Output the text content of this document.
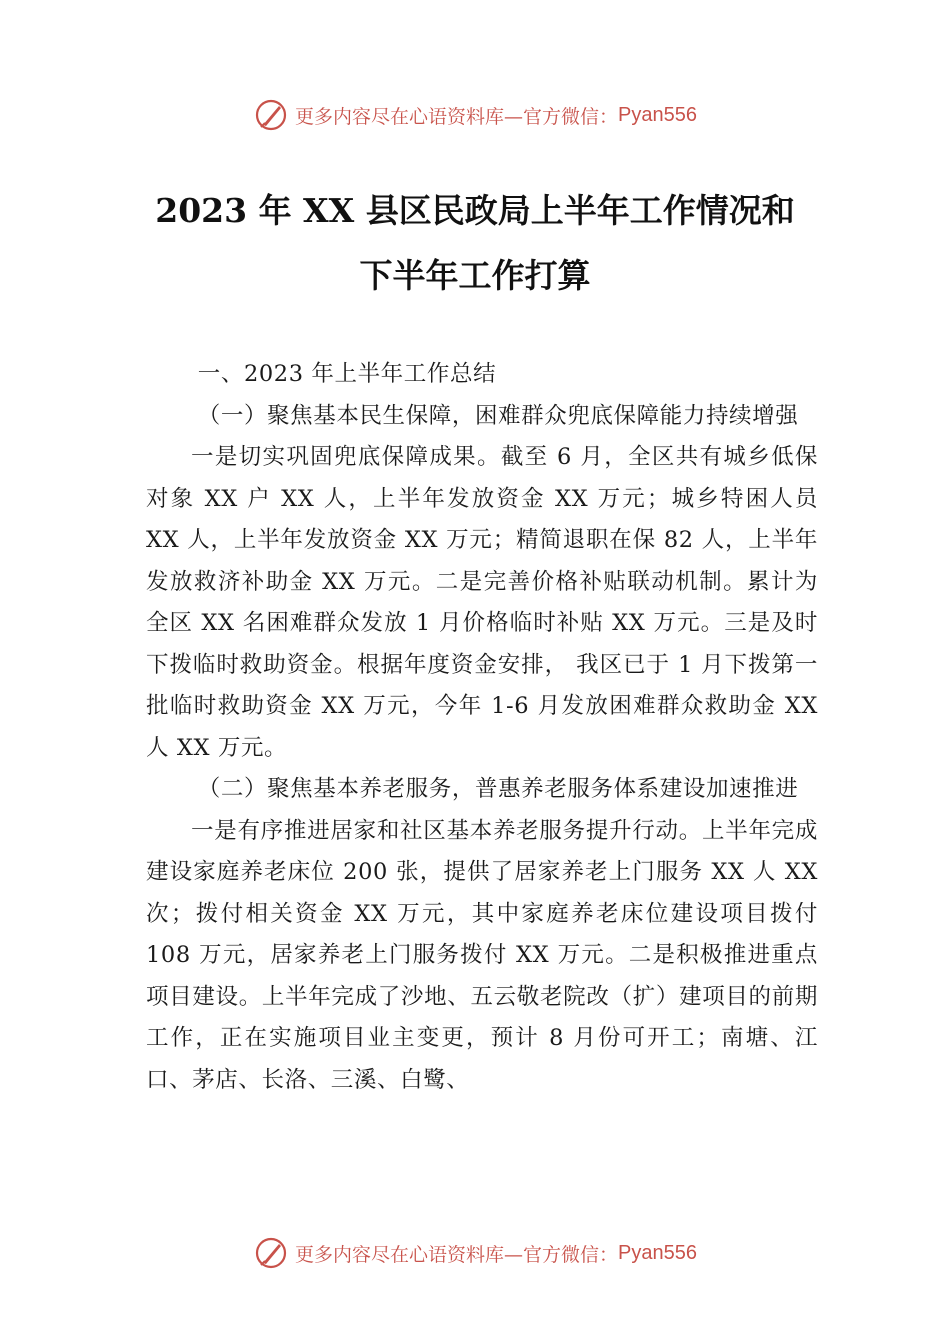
更多内容尽在心语资料库—官方微信： Pyan556
2023 年 XX 县区民政局上半年工作情况和
下半年工作打算

一、2023 年上半年工作总结

（一）聚焦基本民生保障，困难群众兜底保障能力持续增强

一是切实巩固兜底保障成果。截至 6 月，全区共有城乡低保对象 XX 户 XX 人，上半年发放资金 XX 万元；城乡特困人员 XX 人，上半年发放资金 XX 万元；精简退职在保 82 人，上半年发放救济补助金 XX 万元。二是完善价格补贴联动机制。累计为全区 XX 名困难群众发放 1 月价格临时补贴 XX 万元。三是及时下拨临时救助资金。根据年度资金安排， 我区已于 1 月下拨第一批临时救助资金 XX 万元，今年 1-6 月发放困难群众救助金 XX 人 XX 万元。

（二）聚焦基本养老服务，普惠养老服务体系建设加速推进

一是有序推进居家和社区基本养老服务提升行动。上半年完成建设家庭养老床位 200 张，提供了居家养老上门服务 XX 人 XX 次；拨付相关资金 XX 万元，其中家庭养老床位建设项目拨付 108 万元，居家养老上门服务拨付 XX 万元。二是积极推进重点项目建设。上半年完成了沙地、五云敬老院改（扩）建项目的前期工作，正在实施项目业主变更，预计 8 月份可开工；南塘、江口、茅店、长洛、三溪、白鹭、

更多内容尽在心语资料库—官方微信： Pyan556
